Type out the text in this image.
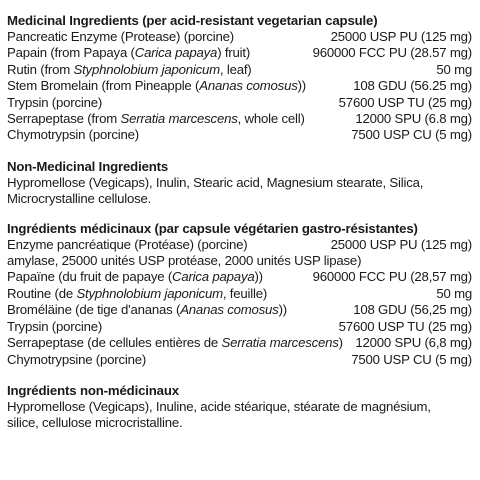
Medicinal Ingredients (per acid-resistant vegetarian capsule)
Pancreatic Enzyme (Protease) (porcine)	25000 USP PU (125 mg)
Papain (from Papaya (Carica papaya) fruit)	960000 FCC PU (28.57 mg)
Rutin (from Styphnolobium japonicum, leaf)	50 mg
Stem Bromelain (from Pineapple (Ananas comosus))	108 GDU (56.25 mg)
Trypsin (porcine)	57600 USP TU (25 mg)
Serrapeptase (from Serratia marcescens, whole cell)	12000 SPU (6.8 mg)
Chymotrypsin (porcine)	7500 USP CU (5 mg)
Non-Medicinal Ingredients
Hypromellose (Vegicaps), Inulin, Stearic acid, Magnesium stearate, Silica,
Microcrystalline cellulose.
Ingrédients médicinaux (par capsule végétarien gastro-résistantes)
Enzyme pancréatique (Protéase) (porcine)	25000 USP PU (125 mg)
amylase, 25000 unités USP protéase, 2000 unités USP lipase)
Papaïne (du fruit de papaye (Carica papaya))	960000 FCC PU (28,57 mg)
Routine (de Styphnolobium japonicum, feuille)	50 mg
Broméläine (de tige d'ananas (Ananas comosus))	108 GDU (56,25 mg)
Trypsin (porcine)	57600 USP TU (25 mg)
Serrapeptase (de cellules entières de Serratia marcescens) 12000 SPU (6,8 mg)
Chymotrypsine (porcine)	7500 USP CU (5 mg)
Ingrédients non-médicinaux
Hypromellose (Vegicaps), Inuline, acide stéarique, stéarate de magnésium,
silice, cellulose microcristalline.
